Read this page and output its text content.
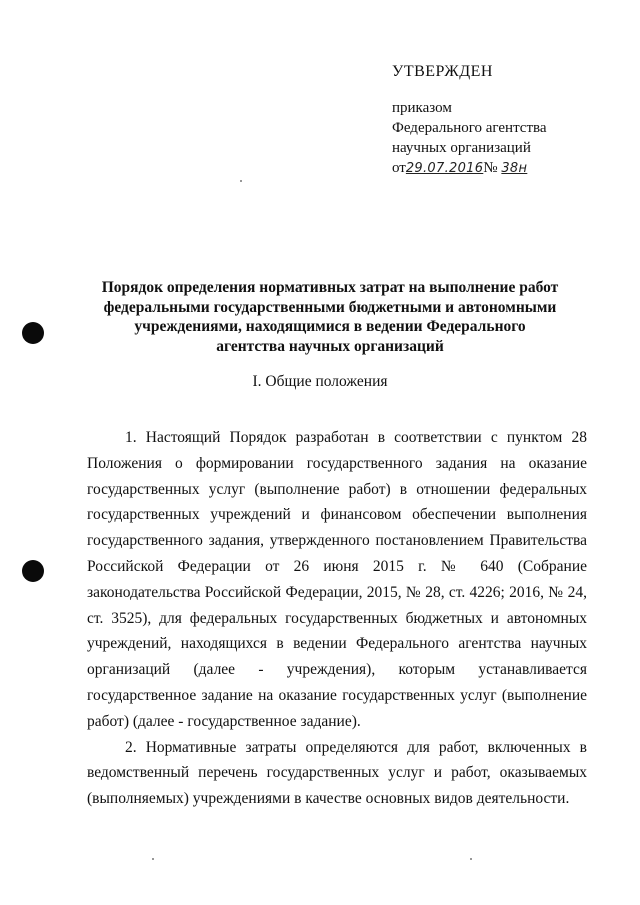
УТВЕРЖДЕН
приказом
Федерального агентства
научных организаций
от29.07.2016№ 38н
Порядок определения нормативных затрат на выполнение работ федеральными государственными бюджетными и автономными учреждениями, находящимися в ведении Федерального агентства научных организаций
I. Общие положения

1. Настоящий Порядок разработан в соответствии с пунктом 28 Положения о формировании государственного задания на оказание государственных услуг (выполнение работ) в отношении федеральных государственных учреждений и финансовом обеспечении выполнения государственного задания, утвержденного постановлением Правительства Российской Федерации от 26 июня 2015 г. № 640 (Собрание законодательства Российской Федерации, 2015, № 28, ст. 4226; 2016, № 24, ст. 3525), для федеральных государственных бюджетных и автономных учреждений, находящихся в ведении Федерального агентства научных организаций (далее - учреждения), которым устанавливается государственное задание на оказание государственных услуг (выполнение работ) (далее - государственное задание).

2. Нормативные затраты определяются для работ, включенных в ведомственный перечень государственных услуг и работ, оказываемых (выполняемых) учреждениями в качестве основных видов деятельности.
